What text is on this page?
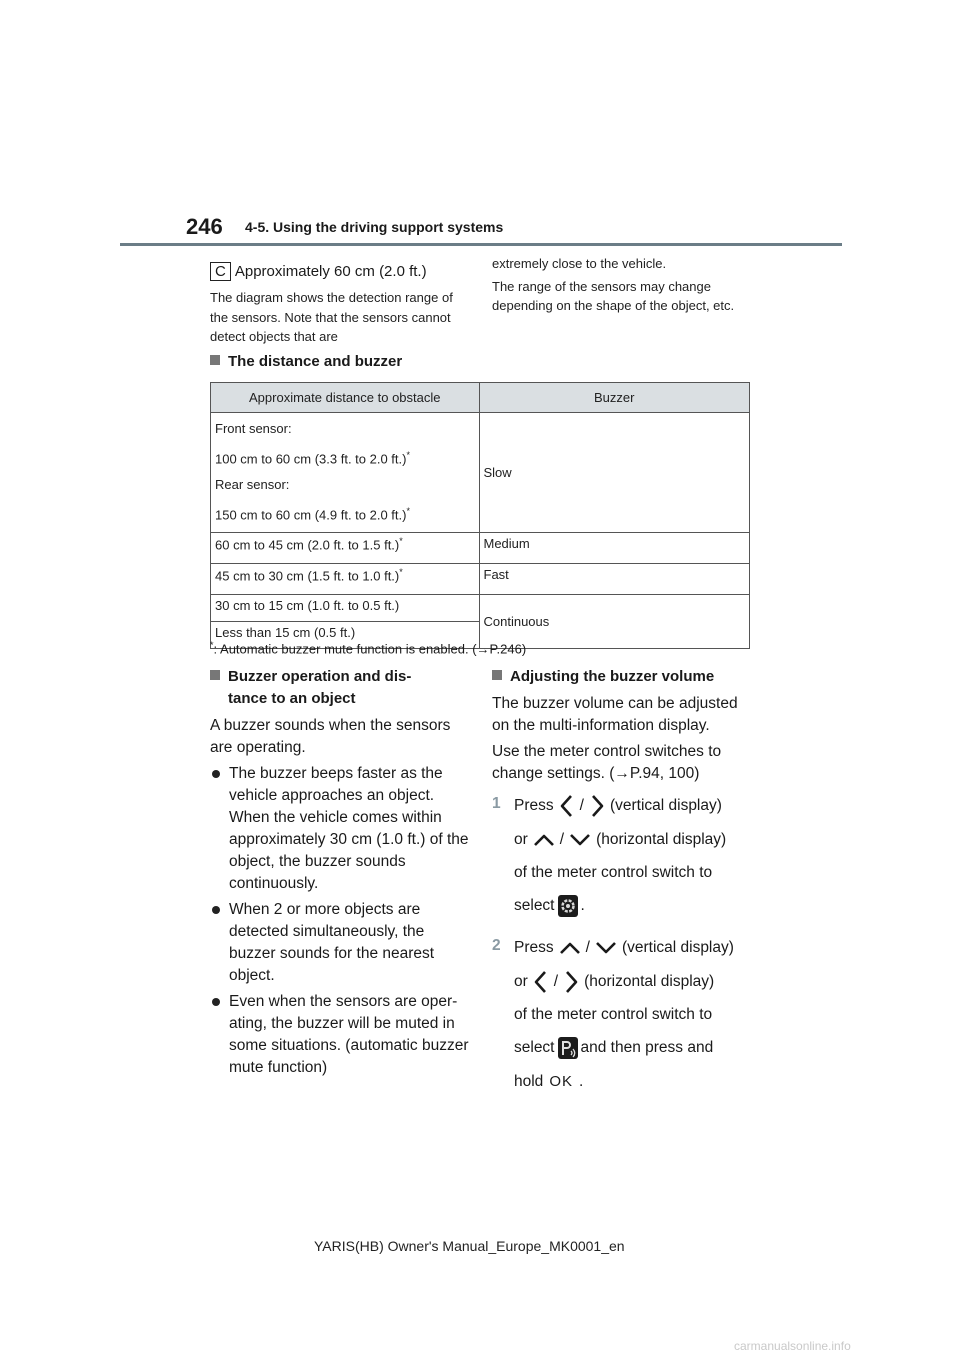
246 4-5. Using the driving support systems
C Approximately 60 cm (2.0 ft.)
The diagram shows the detection range of the sensors. Note that the sensors cannot detect objects that are

extremely close to the vehicle.

The range of the sensors may change depending on the shape of the object, etc.

The distance and buzzer
Approximate distance to obstacle	Buzzer

Front sensor:

100 cm to 60 cm (3.3 ft. to 2.0 ft.)*

Rear sensor:

150 cm to 60 cm (4.9 ft. to 2.0 ft.)*	Slow
60 cm to 45 cm (2.0 ft. to 1.5 ft.)*	Medium
45 cm to 30 cm (1.5 ft. to 1.0 ft.)*	Fast
30 cm to 15 cm (1.0 ft. to 0.5 ft.)	Continuous
Less than 15 cm (0.5 ft.)	
*: Automatic buzzer mute function is enabled. (→P.246)
Buzzer operation and dis-
tance to an object

A buzzer sounds when the sensors are operating.

The buzzer beeps faster as the vehicle approaches an object. When the vehicle comes within approximately 30 cm (1.0 ft.) of the object, the buzzer sounds continuously.

When 2 or more objects are detected simultaneously, the buzzer sounds for the nearest object.

Even when the sensors are oper-ating, the buzzer will be muted in some situations. (automatic buzzer mute function)

Adjusting the buzzer volume

The buzzer volume can be adjusted on the multi-information display.

Use the meter control switches to change settings. (→P.94, 100)

1 Press / (vertical display)
or / (horizontal display)
of the meter control switch to
select .
2 Press / (vertical display)
or / (horizontal display)
of the meter control switch to
select and then press and
hold OK .
YARIS(HB) Owner's Manual_Europe_MK0001_en
carmanualsonline.info
